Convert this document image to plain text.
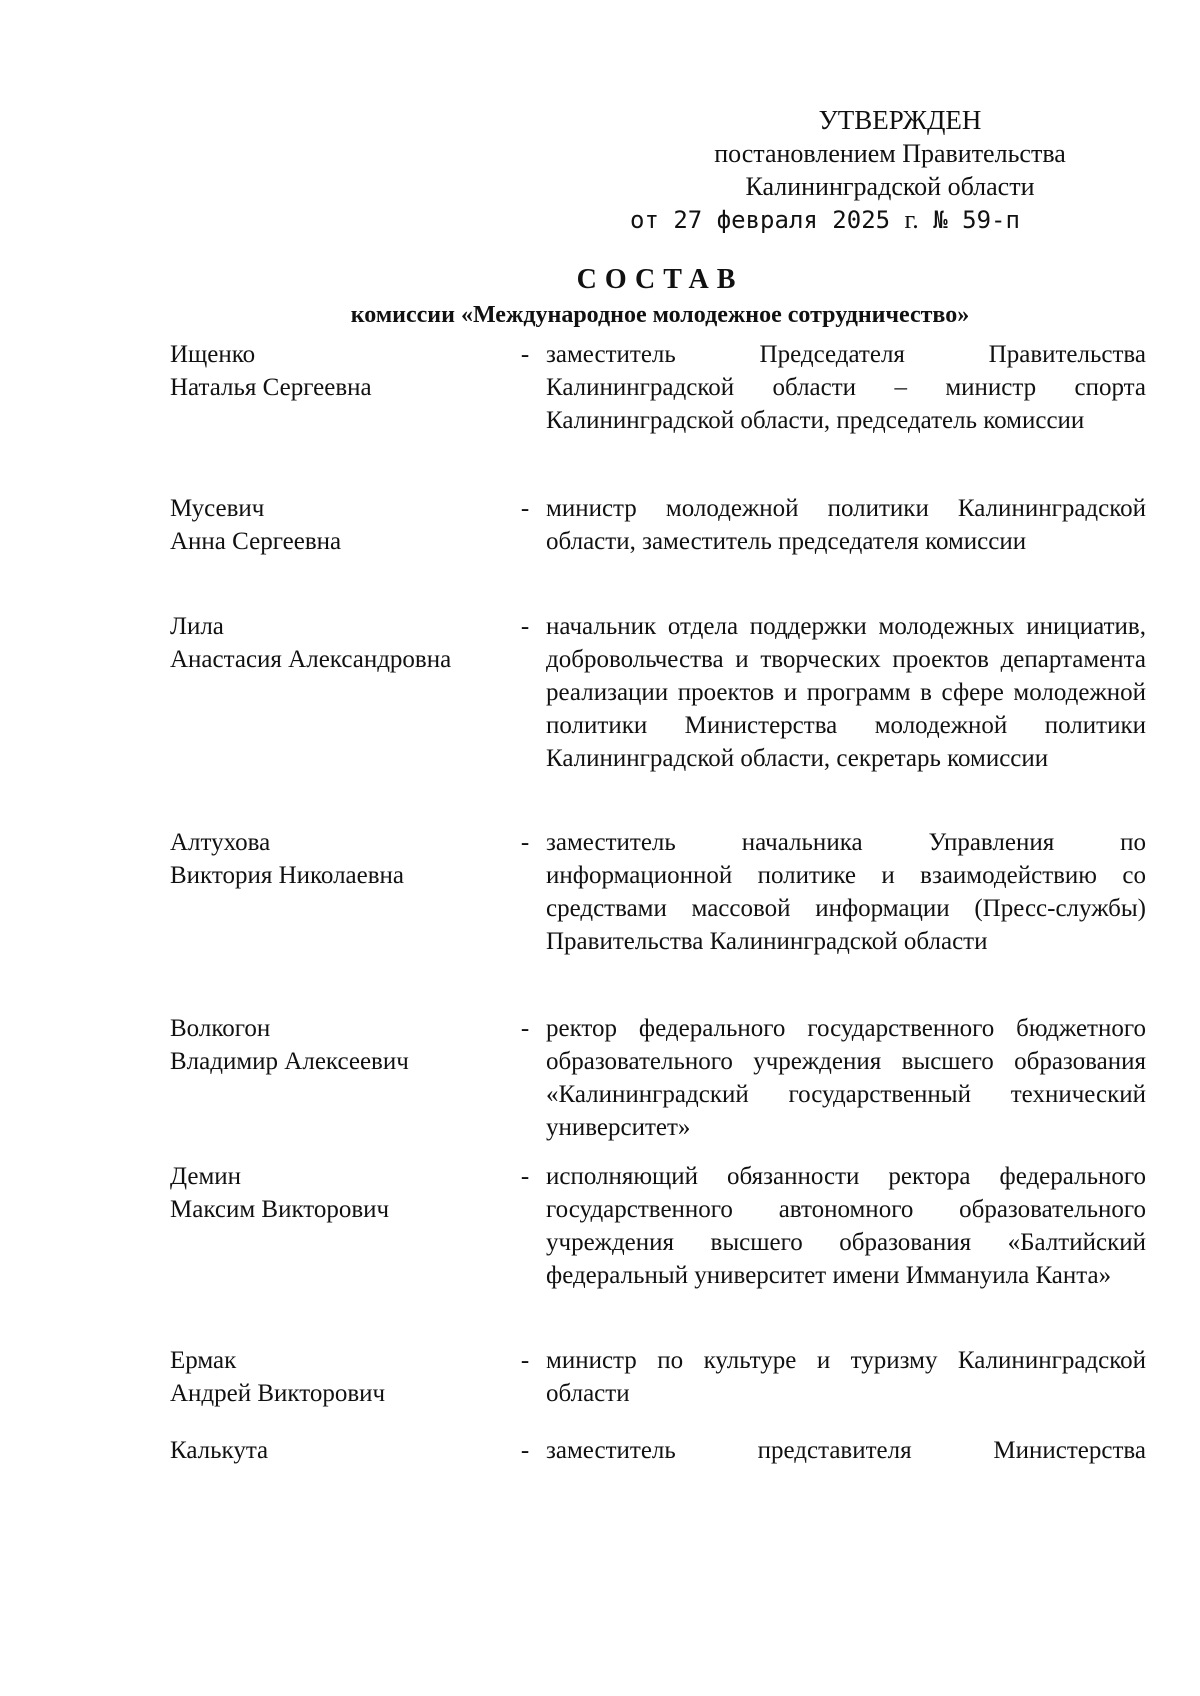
УТВЕРЖДЕН
постановлением Правительства
Калининградской области
от 27 февраля 2025 г. № 59-п
СОСТАВ
комиссии «Международное молодежное сотрудничество»
Ищенко
Наталья Сергеевна
- заместитель Председателя Правительства Калининградской области – министр спорта Калининградской области, председатель комиссии
Мусевич
Анна Сергеевна
- министр молодежной политики Калининградской области, заместитель председателя комиссии
Лила
Анастасия Александровна
- начальник отдела поддержки молодежных инициатив, добровольчества и творческих проектов департамента реализации проектов и программ в сфере молодежной политики Министерства молодежной политики Калининградской области, секретарь комиссии
Алтухова
Виктория Николаевна
- заместитель начальника Управления по информационной политике и взаимодействию со средствами массовой информации (Пресс-службы) Правительства Калининградской области
Волкогон
Владимир Алексеевич
- ректор федерального государственного бюджетного образовательного учреждения высшего образования «Калининградский государственный технический университет»
Демин
Максим Викторович
- исполняющий обязанности ректора федерального государственного автономного образовательного учреждения высшего образования «Балтийский федеральный университет имени Иммануила Канта»
Ермак
Андрей Викторович
- министр по культуре и туризму Калининградской области
Калькута	- заместитель представителя Министерства
